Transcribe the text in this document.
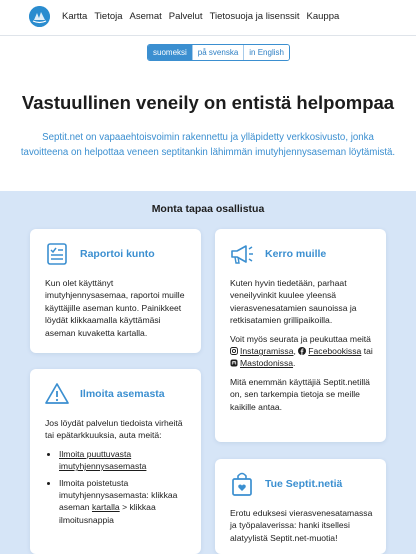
Kartta Tietoja Asemat Palvelut Tietosuoja ja lisenssit Kauppa
suomeksi	på svenska	in English
Vastuullinen veneily on entistä helpompaa

Septit.net on vapaaehtoisvoimin rakennettu ja ylläpidetty verkkosivusto, jonka tavoitteena on helpottaa veneen septitankin lähimmän imutyhjennysaseman löytämistä.

Monta tapaa osallistua
Raportoi kunto

Kun olet käyttänyt imutyhjennysasemaa, raportoi muille käyttäjille aseman kunto. Painikkeet löydät klikkaamalla käyttämäsi aseman kuvaketta kartalla.

Kerro muille

Kuten hyvin tiedetään, parhaat veneilyvinkit kuulee yleensä vierasvenesatamien saunoissa ja retkisatamien grillipaikoilla.

Voit myös seurata ja peukuttaa meitä Instagramissa, Facebookissa tai Mastodonissa.

Mitä enemmän käyttäjiä Septit.netillä on, sen tarkempia tietoja se meille kaikille antaa.

Ilmoita asemasta

Jos löydät palvelun tiedoista virheitä tai epätarkkuuksia, auta meitä:

• Ilmoita puuttuvasta imutyhjennysasemasta
• Ilmoita poistetusta imutyhjennysasemasta: klikkaa aseman kartalla > klikkaa ilmoitusnappia
Tue Septit.netiä

Erotu eduksesi vierasvenesatamassa ja työpalaverissa: hanki itsellesi alatyylistä Septit.net-muotia!
